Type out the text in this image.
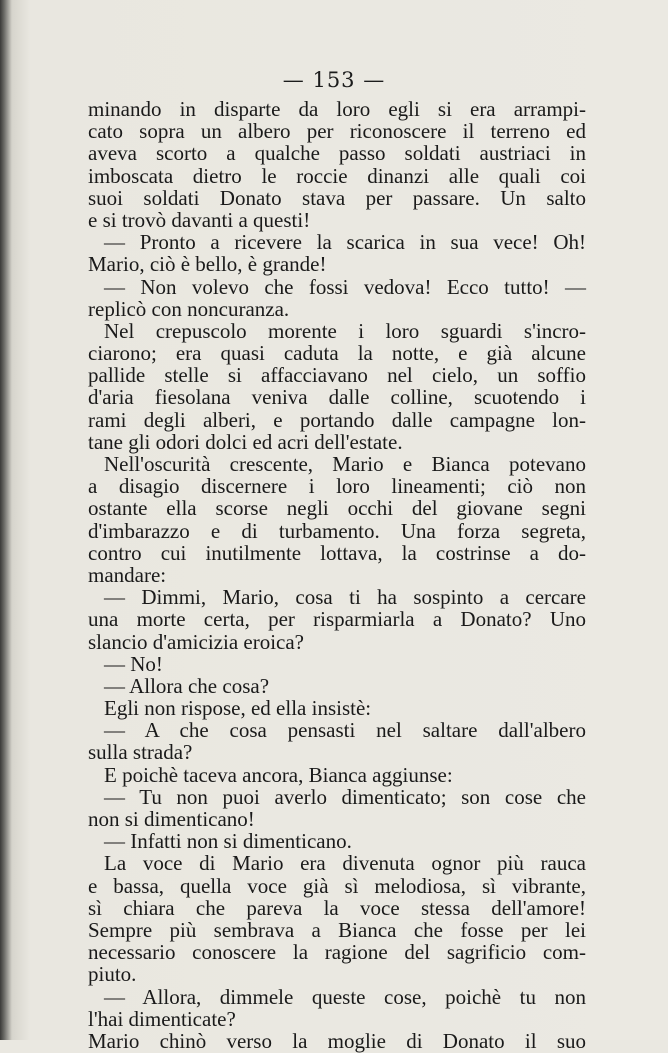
— 153 —
minando in disparte da loro egli si era arrampi-
cato sopra un albero per riconoscere il terreno ed
aveva scorto a qualche passo soldati austriaci in
imboscata dietro le roccie dinanzi alle quali coi
suoi soldati Donato stava per passare. Un salto
e si trovò davanti a questi!
— Pronto a ricevere la scarica in sua vece! Oh!
Mario, ciò è bello, è grande!
— Non volevo che fossi vedova! Ecco tutto! —
replicò con noncuranza.
Nel crepuscolo morente i loro sguardi s'incro-
ciarono; era quasi caduta la notte, e già alcune
pallide stelle si affacciavano nel cielo, un soffio
d'aria fiesolana veniva dalle colline, scuotendo i
rami degli alberi, e portando dalle campagne lon-
tane gli odori dolci ed acri dell'estate.
Nell'oscurità crescente, Mario e Bianca potevano
a disagio discernere i loro lineamenti; ciò non
ostante ella scorse negli occhi del giovane segni
d'imbarazzo e di turbamento. Una forza segreta,
contro cui inutilmente lottava, la costrinse a do-
mandare:
— Dimmi, Mario, cosa ti ha sospinto a cercare
una morte certa, per risparmiarla a Donato? Uno
slancio d'amicizia eroica?
— No!
— Allora che cosa?
Egli non rispose, ed ella insistè:
— A che cosa pensasti nel saltare dall'albero
sulla strada?
E poichè taceva ancora, Bianca aggiunse:
— Tu non puoi averlo dimenticato; son cose che
non si dimenticano!
— Infatti non si dimenticano.
La voce di Mario era divenuta ognor più rauca
e bassa, quella voce già sì melodiosa, sì vibrante,
sì chiara che pareva la voce stessa dell'amore!
Sempre più sembrava a Bianca che fosse per lei
necessario conoscere la ragione del sagrificio com-
piuto.
— Allora, dimmele queste cose, poichè tu non
l'hai dimenticate?
Mario chinò verso la moglie di Donato il suo
